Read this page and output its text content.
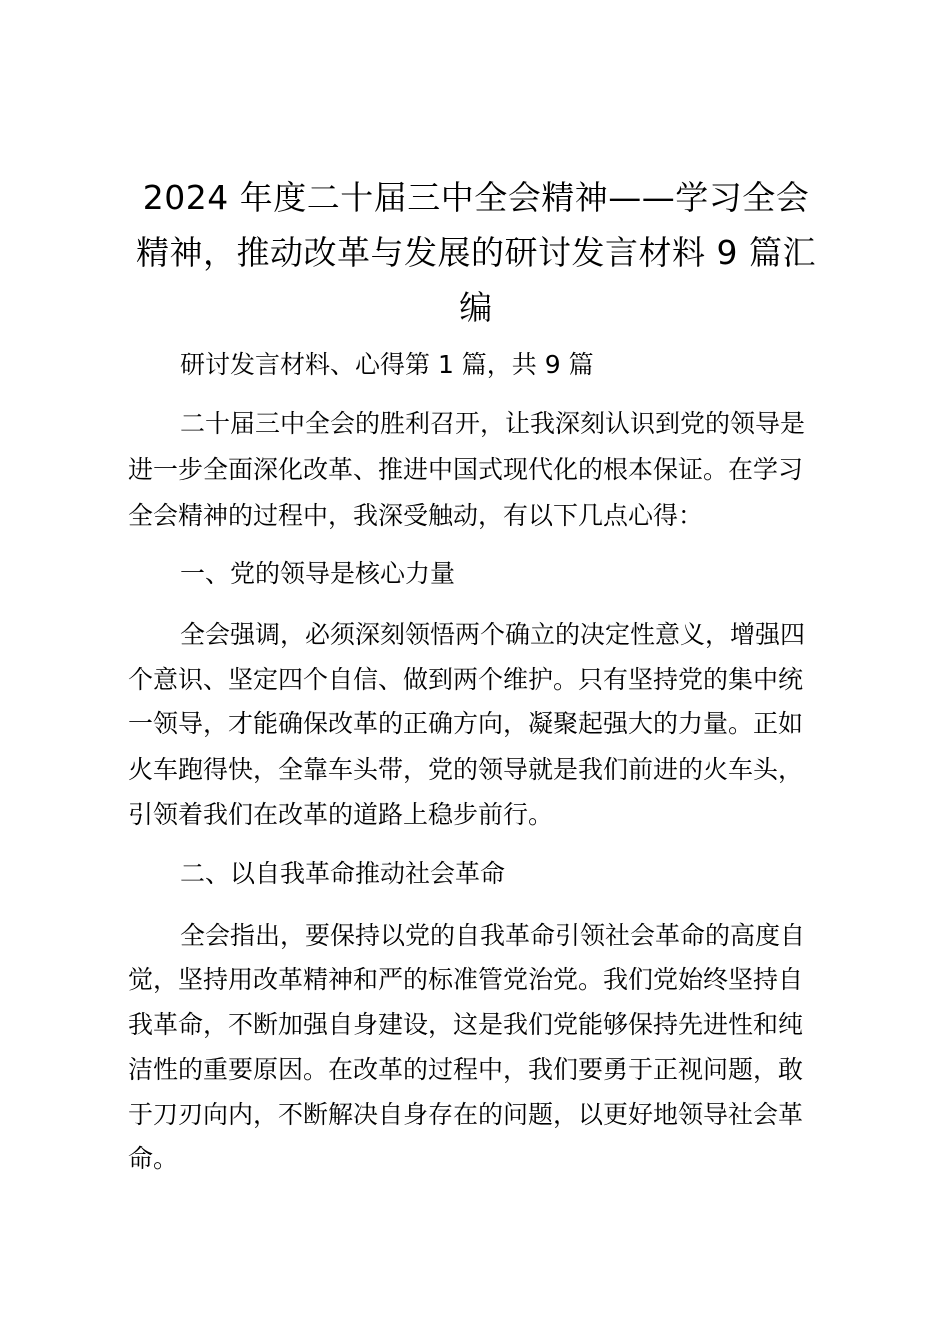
2024 年度二十届三中全会精神——学习全会
精神，推动改革与发展的研讨发言材料 9 篇汇
编
研讨发言材料、心得第 1 篇，共 9 篇
二十届三中全会的胜利召开，让我深刻认识到党的领导是
进一步全面深化改革、推进中国式现代化的根本保证。在学习
全会精神的过程中，我深受触动，有以下几点心得：
一、党的领导是核心力量
全会强调，必须深刻领悟两个确立的决定性意义，增强四
个意识、坚定四个自信、做到两个维护。只有坚持党的集中统
一领导，才能确保改革的正确方向，凝聚起强大的力量。正如
火车跑得快，全靠车头带，党的领导就是我们前进的火车头，
引领着我们在改革的道路上稳步前行。
二、以自我革命推动社会革命
全会指出，要保持以党的自我革命引领社会革命的高度自
觉，坚持用改革精神和严的标准管党治党。我们党始终坚持自
我革命，不断加强自身建设，这是我们党能够保持先进性和纯
洁性的重要原因。在改革的过程中，我们要勇于正视问题，敢
于刀刃向内，不断解决自身存在的问题，以更好地领导社会革
命。
